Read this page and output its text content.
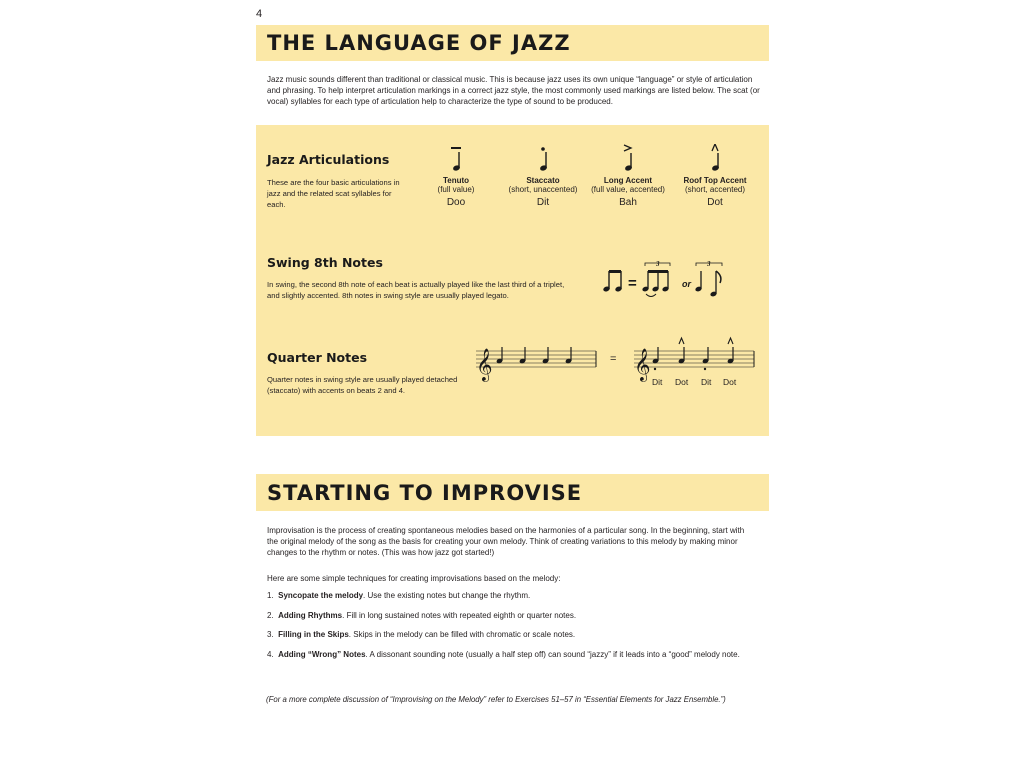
4
THE LANGUAGE OF JAZZ

Jazz music sounds different than traditional or classical music. This is because jazz uses its own unique “language” or style of articulation and phrasing. To help interpret articulation markings in a correct jazz style, the most commonly used markings are listed below. The scat (or vocal) syllables for each type of articulation help to characterize the type of sound to be produced.

Jazz Articulations

These are the four basic articulations in jazz and the related scat syllables for each.

Tenuto
(full value)
Doo
Staccato
(short, unaccented)
Dit
Long Accent
(full value, accented)
Bah
Roof Top Accent
(short, accented)
Dot
Swing 8th Notes

In swing, the second 8th note of each beat is actually played like the last third of a triplet, and slightly accented. 8th notes in swing style are usually played legato.

=
3
or
3
Quarter Notes

Quarter notes in swing style are usually played detached (staccato) with accents on beats 2 and 4.

𝄞	= 𝄞
Dit Dot Dit Dot
STARTING TO IMPROVISE

Improvisation is the process of creating spontaneous melodies based on the harmonies of a particular song. In the beginning, start with the original melody of the song as the basis for creating your own melody. Think of creating variations to this melody by making minor changes to the rhythm or notes. (This was how jazz got started!)

Here are some simple techniques for creating improvisations based on the melody:

1. Syncopate the melody. Use the existing notes but change the rhythm.
2. Adding Rhythms. Fill in long sustained notes with repeated eighth or quarter notes.
3. Filling in the Skips. Skips in the melody can be filled with chromatic or scale notes.
4. Adding “Wrong” Notes. A dissonant sounding note (usually a half step off) can sound “jazzy” if it leads into a “good” melody note.
(For a more complete discussion of “Improvising on the Melody” refer to Exercises 51–57 in “Essential Elements for Jazz Ensemble.”)
